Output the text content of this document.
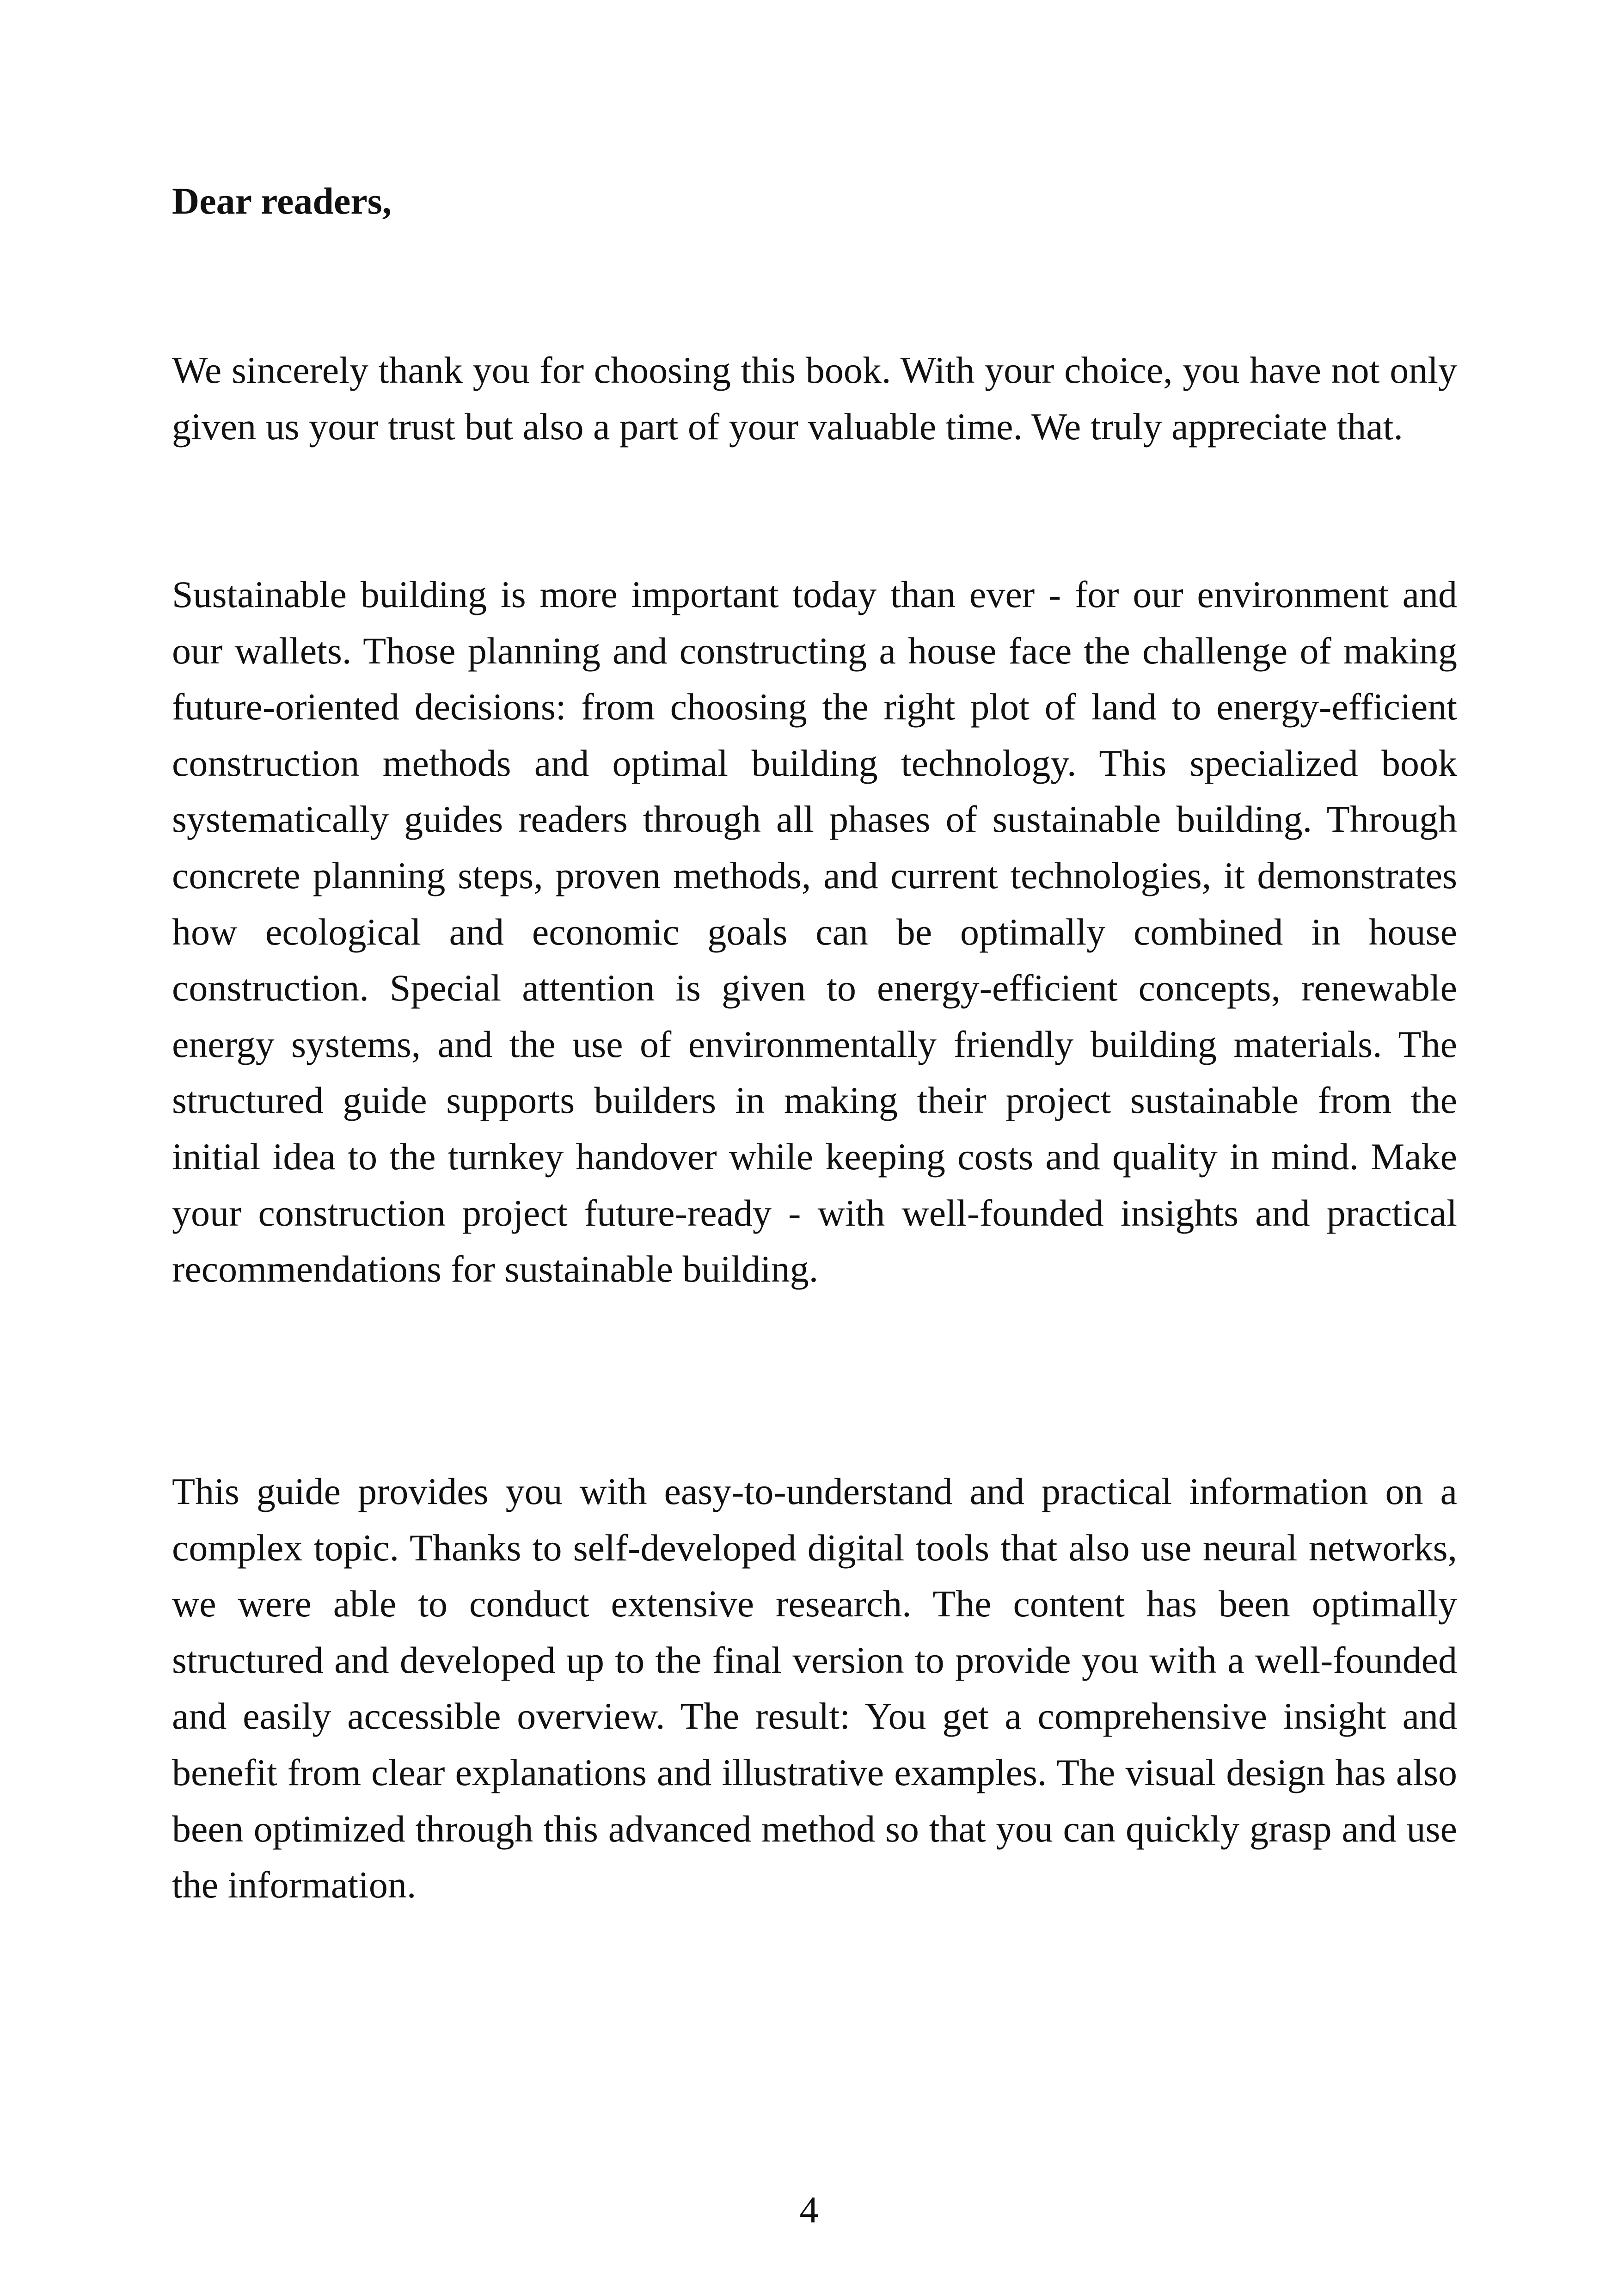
Dear readers,

We sincerely thank you for choosing this book. With your choice, you have not only given us your trust but also a part of your valuable time. We truly appreciate that.

Sustainable building is more important today than ever - for our environment and our wallets. Those planning and constructing a house face the challenge of making future-oriented decisions: from choosing the right plot of land to energy-efficient construction methods and optimal building technology. This specialized book systematically guides readers through all phases of sustainable building. Through concrete planning steps, proven methods, and current technologies, it demonstrates how ecological and economic goals can be optimally combined in house construction. Special attention is given to energy-efficient concepts, renewable energy systems, and the use of environmentally friendly building materials. The structured guide supports builders in making their project sustainable from the initial idea to the turnkey handover while keeping costs and quality in mind. Make your construction project future-ready - with well-founded insights and practical recommendations for sustainable building.

This guide provides you with easy-to-understand and practical information on a complex topic. Thanks to self-developed digital tools that also use neural networks, we were able to conduct extensive research. The content has been optimally structured and developed up to the final version to provide you with a well-founded and easily accessible overview. The result: You get a comprehensive insight and benefit from clear explanations and illustrative examples. The visual design has also been optimized through this advanced method so that you can quickly grasp and use the information.

4
